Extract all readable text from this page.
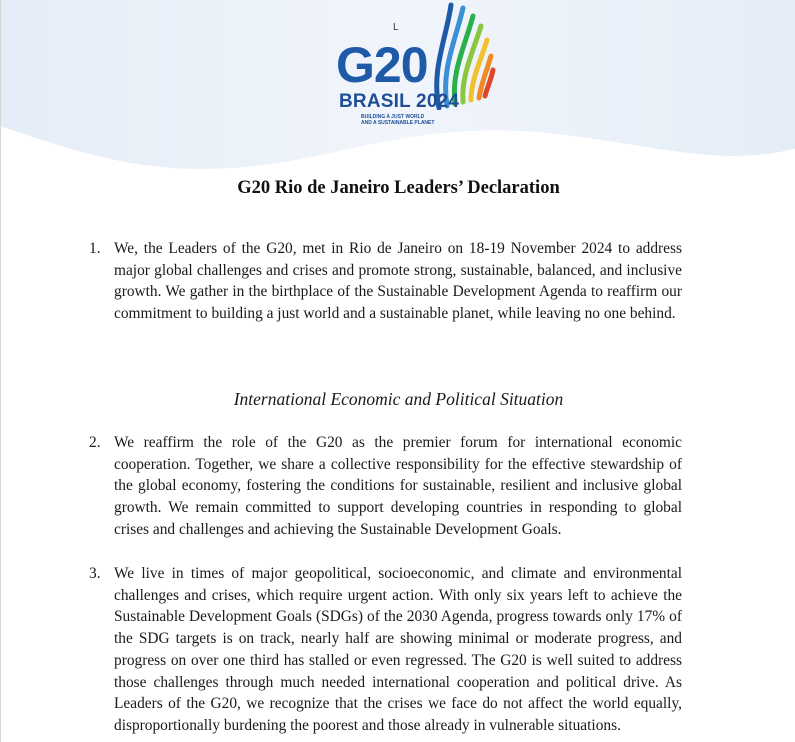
L
G20
BRASIL 2024
BUILDING A JUST WORLD
AND A SUSTAINABLE PLANET
G20 Rio de Janeiro Leaders’ Declaration
1. We, the Leaders of the G20, met in Rio de Janeiro on 18-19 November 2024 to address major global challenges and crises and promote strong, sustainable, balanced, and inclusive growth. We gather in the birthplace of the Sustainable Development Agenda to reaffirm our commitment to building a just world and a sustainable planet, while leaving no one behind.
International Economic and Political Situation
2. We reaffirm the role of the G20 as the premier forum for international economic cooperation. Together, we share a collective responsibility for the effective stewardship of the global economy, fostering the conditions for sustainable, resilient and inclusive global growth. We remain committed to support developing countries in responding to global crises and challenges and achieving the Sustainable Development Goals.
3. We live in times of major geopolitical, socioeconomic, and climate and environmental challenges and crises, which require urgent action. With only six years left to achieve the Sustainable Development Goals (SDGs) of the 2030 Agenda, progress towards only 17% of the SDG targets is on track, nearly half are showing minimal or moderate progress, and progress on over one third has stalled or even regressed. The G20 is well suited to address those challenges through much needed international cooperation and political drive. As Leaders of the G20, we recognize that the crises we face do not affect the world equally, disproportionally burdening the poorest and those already in vulnerable situations.
